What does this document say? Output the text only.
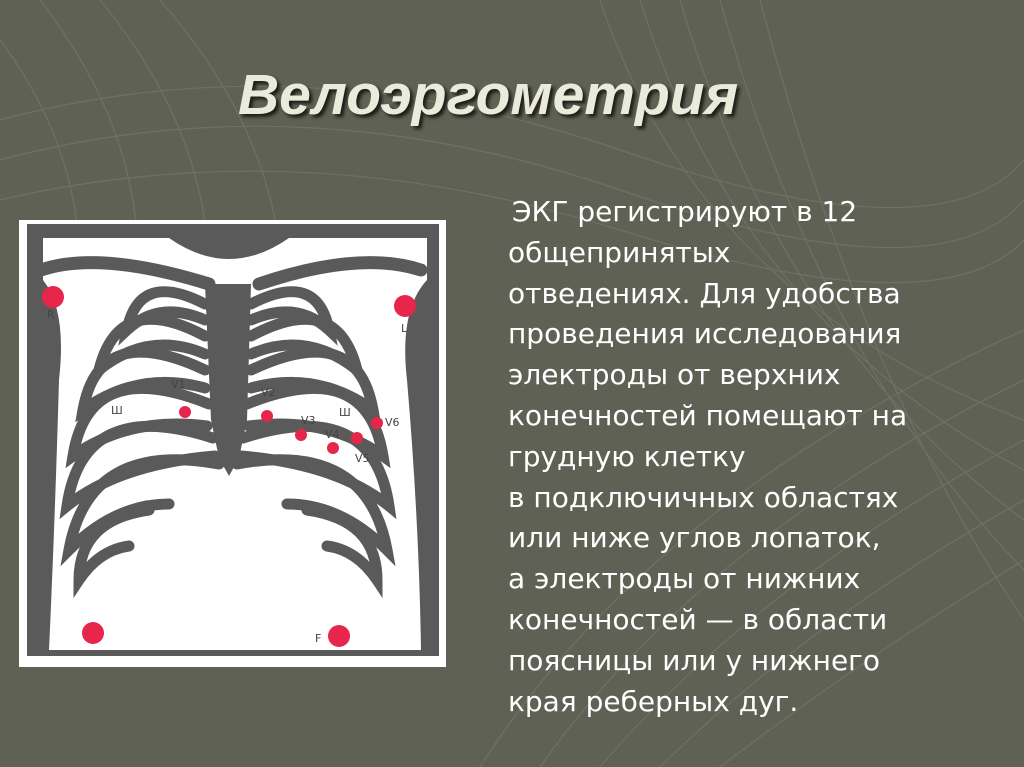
Велоэргометрия
R
L
F
V1
V2
V3
V4
V5
V6
Ш	Ш

ЭКГ регистрируют в 12
общепринятых
отведениях. Для удобства
проведения исследования
электроды от верхних
конечностей помещают на
грудную клетку
в подключичных областях
или ниже углов лопаток,
а электроды от нижних
конечностей — в области
поясницы или у нижнего
края реберных дуг.
